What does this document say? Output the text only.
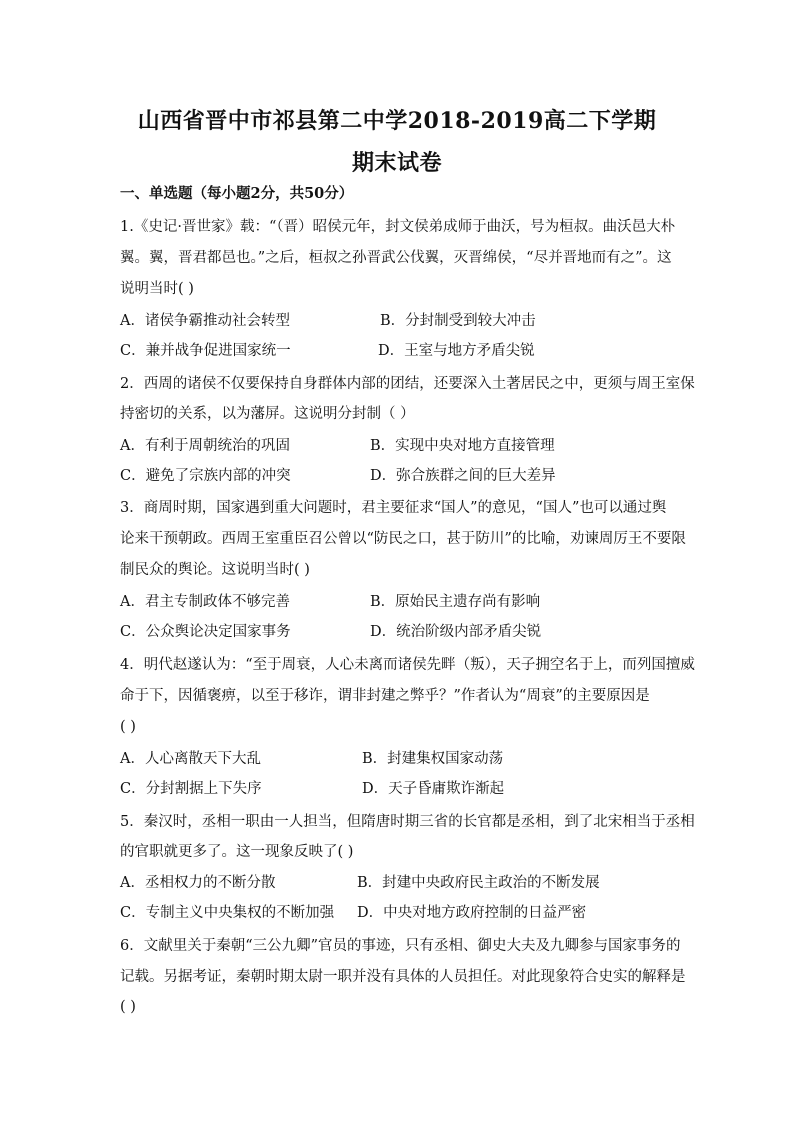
山西省晋中市祁县第二中学2018-2019高二下学期
期末试卷
一、单选题（每小题2分，共50分）
1.《史记·晋世家》载：“（晋）昭侯元年，封文侯弟成师于曲沃，号为桓叔。曲沃邑大朴
翼。翼，晋君都邑也。”之后，桓叔之孙晋武公伐翼，灭晋绵侯，“尽并晋地而有之”。这
说明当时( )
A．诸侯争霸推动社会转型	B．分封制受到较大冲击
C．兼并战争促进国家统一	D．王室与地方矛盾尖锐
2．西周的诸侯不仅要保持自身群体内部的团结，还要深入土著居民之中，更须与周王室保
持密切的关系，以为藩屏。这说明分封制（ ）
A．有利于周朝统治的巩固	B．实现中央对地方直接管理
C．避免了宗族内部的冲突	D．弥合族群之间的巨大差异
3．商周时期，国家遇到重大问题时，君主要征求“国人”的意见，“国人”也可以通过舆
论来干预朝政。西周王室重臣召公曾以“防民之口，甚于防川”的比喻，劝谏周厉王不要限
制民众的舆论。这说明当时( )
A．君主专制政体不够完善	B．原始民主遗存尚有影响
C．公众舆论决定国家事务	D．统治阶级内部矛盾尖锐
4．明代赵遂认为：“至于周衰，人心未离而诸侯先畔（叛），天子拥空名于上，而列国擅威
命于下，因循褒痹，以至于移诈，谓非封建之弊乎？”作者认为“周衰”的主要原因是
( )
A．人心离散天下大乱	B．封建集权国家动荡
C．分封割据上下失序	D．天子昏庸欺诈渐起
5．秦汉时，丞相一职由一人担当，但隋唐时期三省的长官都是丞相，到了北宋相当于丞相
的官职就更多了。这一现象反映了( )
A．丞相权力的不断分散	B．封建中央政府民主政治的不断发展
C．专制主义中央集权的不断加强 D．中央对地方政府控制的日益严密
6．文献里关于秦朝“三公九卿”官员的事迹，只有丞相、御史大夫及九卿参与国家事务的
记载。另据考证，秦朝时期太尉一职并没有具体的人员担任。对此现象符合史实的解释是
( )
